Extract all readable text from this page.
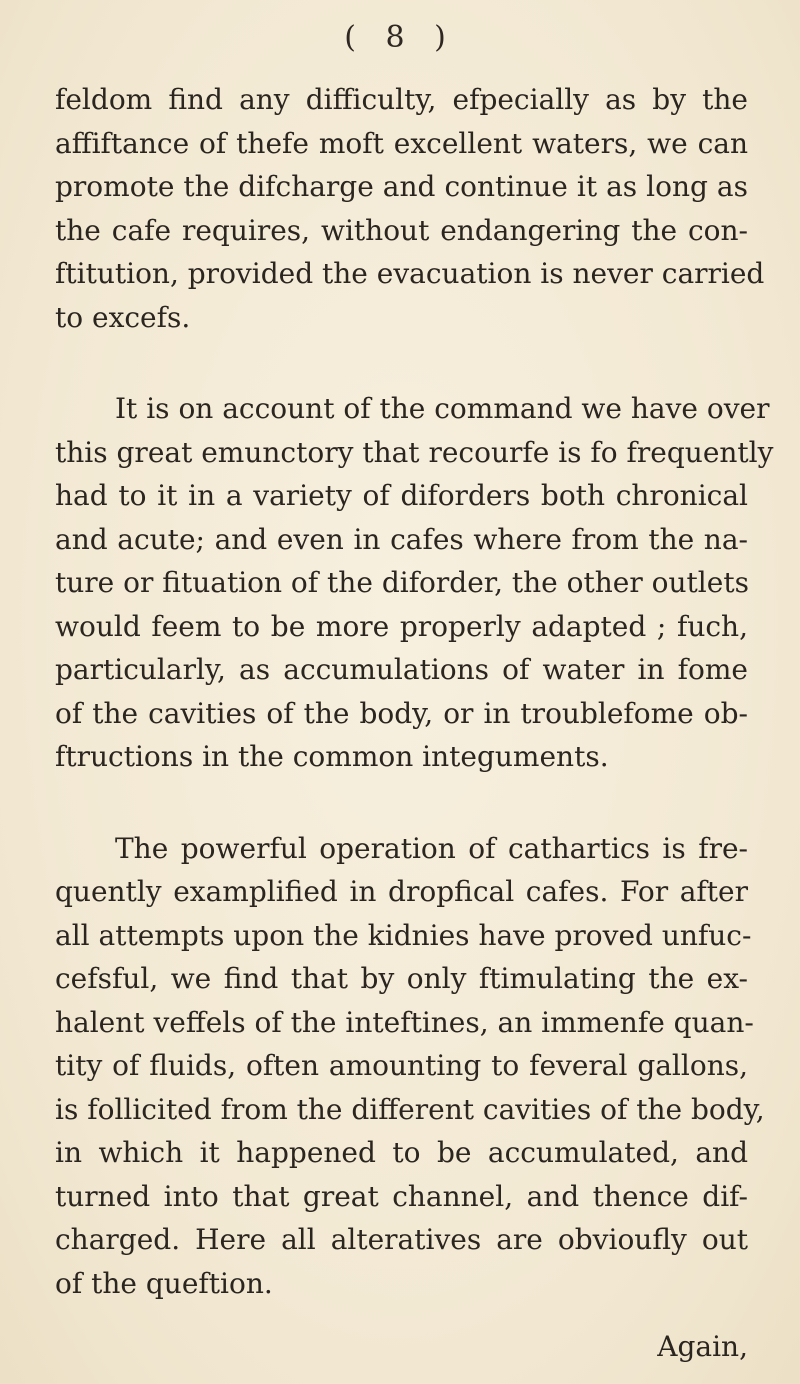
( 8 )
feldom find any difficulty, efpecially as by the
affiftance of thefe moft excellent waters, we can
promote the difcharge and continue it as long as
the cafe requires, without endangering the con-
ftitution, provided the evacuation is never carried
to excefs.
It is on account of the command we have over
this great emunctory that recourfe is fo frequently
had to it in a variety of diforders both chronical
and acute; and even in cafes where from the na-
ture or fituation of the diforder, the other outlets
would feem to be more properly adapted ; fuch,
particularly, as accumulations of water in fome
of the cavities of the body, or in troublefome ob-
ftructions in the common integuments.
The powerful operation of cathartics is fre-
quently examplified in dropfical cafes. For after
all attempts upon the kidnies have proved unfuc-
cefsful, we find that by only ftimulating the ex-
halent veffels of the inteftines, an immenfe quan-
tity of fluids, often amounting to feveral gallons,
is follicited from the different cavities of the body,
in which it happened to be accumulated, and
turned into that great channel, and thence dif-
charged. Here all alteratives are obvioufly out
of the queftion.
Again,
